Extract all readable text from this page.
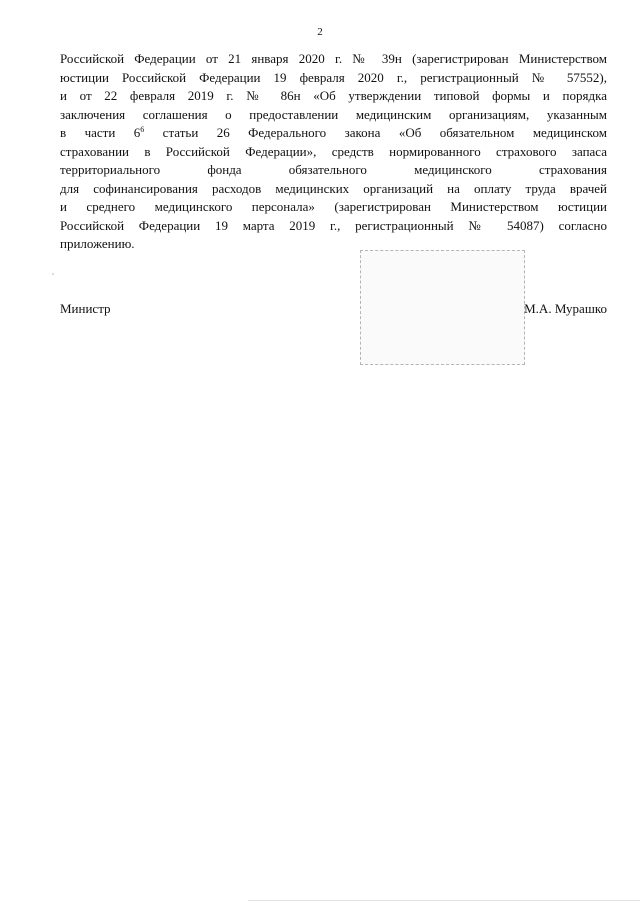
2
Российской Федерации от 21 января 2020 г. № 39н (зарегистрирован Министерством
юстиции Российской Федерации 19 февраля 2020 г., регистрационный № 57552),
и от 22 февраля 2019 г. № 86н «Об утверждении типовой формы и порядка
заключения соглашения о предоставлении медицинским организациям, указанным
в части $6^6$ статьи 26 Федерального закона «Об обязательном медицинском
страховании в Российской Федерации», средств нормированного страхового запаса
территориального фонда обязательного медицинского страхования
для софинансирования расходов медицинских организаций на оплату труда врачей
и среднего медицинского персонала» (зарегистрирован Министерством юстиции
Российской Федерации 19 марта 2019 г., регистрационный № 54087) согласно
приложению.
Министр	М.А. Мурашко
